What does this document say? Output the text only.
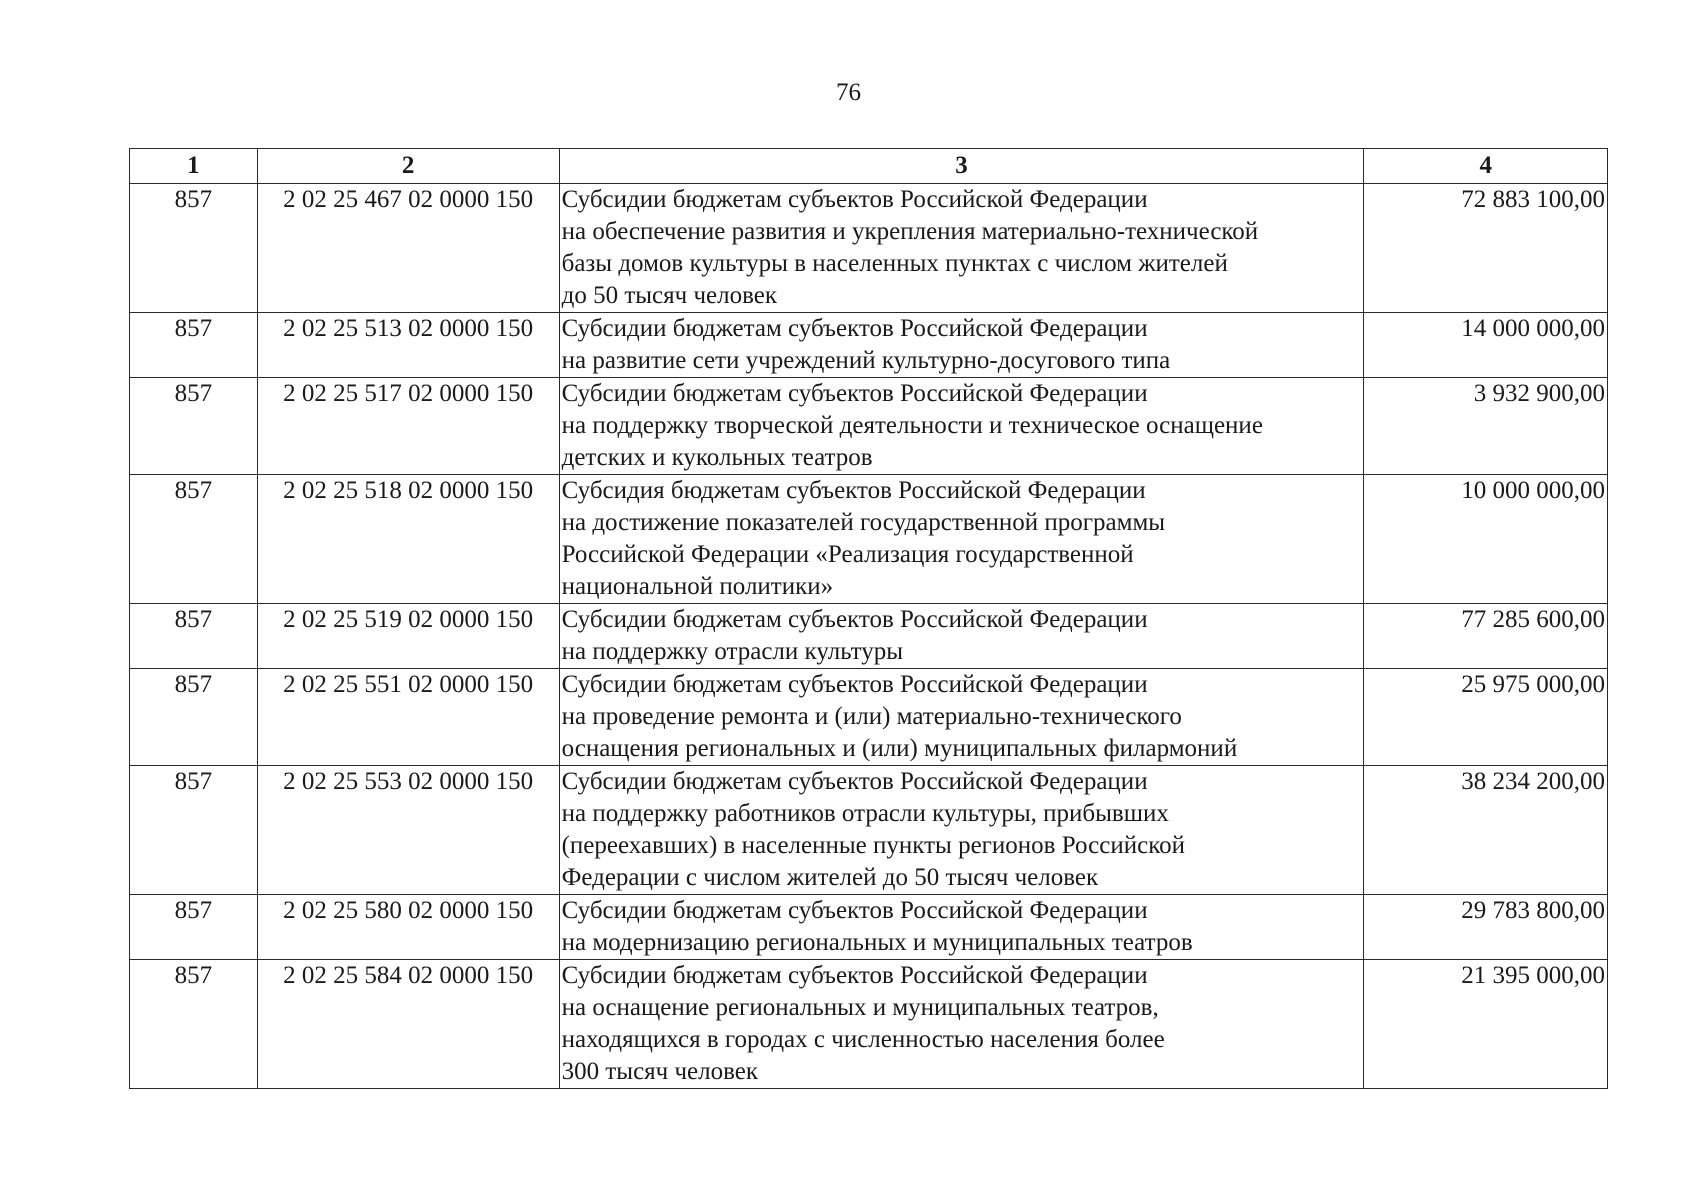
76
1	2	3	4
857	2 02 25 467 02 0000 150	Субсидии бюджетам субъектов Российской Федерации
на обеспечение развития и укрепления материально-технической
базы домов культуры в населенных пунктах с числом жителей
до 50 тысяч человек	72 883 100,00
857	2 02 25 513 02 0000 150	Субсидии бюджетам субъектов Российской Федерации
на развитие сети учреждений культурно-досугового типа	14 000 000,00
857	2 02 25 517 02 0000 150	Субсидии бюджетам субъектов Российской Федерации
на поддержку творческой деятельности и техническое оснащение
детских и кукольных театров	3 932 900,00
857	2 02 25 518 02 0000 150	Субсидия бюджетам субъектов Российской Федерации
на достижение показателей государственной программы
Российской Федерации «Реализация государственной
национальной политики»	10 000 000,00
857	2 02 25 519 02 0000 150	Субсидии бюджетам субъектов Российской Федерации
на поддержку отрасли культуры	77 285 600,00
857	2 02 25 551 02 0000 150	Субсидии бюджетам субъектов Российской Федерации
на проведение ремонта и (или) материально-технического
оснащения региональных и (или) муниципальных филармоний	25 975 000,00
857	2 02 25 553 02 0000 150	Субсидии бюджетам субъектов Российской Федерации
на поддержку работников отрасли культуры, прибывших
(переехавших) в населенные пункты регионов Российской
Федерации с числом жителей до 50 тысяч человек	38 234 200,00
857	2 02 25 580 02 0000 150	Субсидии бюджетам субъектов Российской Федерации
на модернизацию региональных и муниципальных театров	29 783 800,00
857	2 02 25 584 02 0000 150	Субсидии бюджетам субъектов Российской Федерации
на оснащение региональных и муниципальных театров,
находящихся в городах с численностью населения более
300 тысяч человек	21 395 000,00
